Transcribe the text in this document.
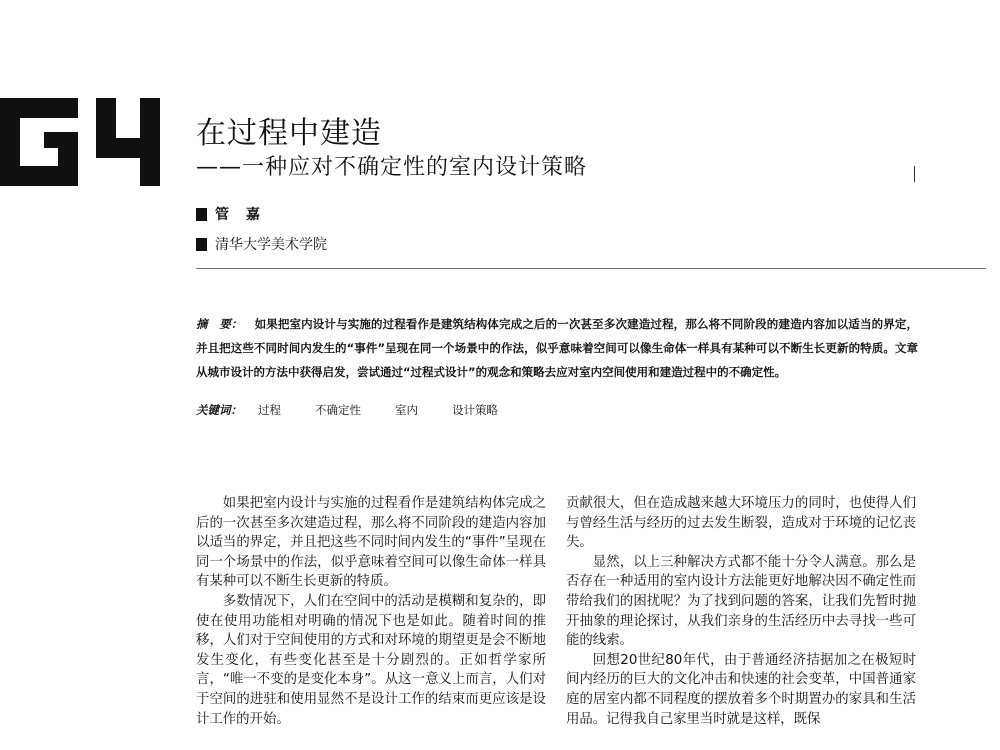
在过程中建造
——一种应对不确定性的室内设计策略
管 嘉
清华大学美术学院
摘　要： 如果把室内设计与实施的过程看作是建筑结构体完成之后的一次甚至多次建造过程，那么将不同阶段的建造内容加以适当的界定，并且把这些不同时间内发生的“事件”呈现在同一个场景中的作法，似乎意味着空间可以像生命体一样具有某种可以不断生长更新的特质。文章从城市设计的方法中获得启发，尝试通过“过程式设计”的观念和策略去应对室内空间使用和建造过程中的不确定性。
关键词： 过程	不确定性	室内	设计策略

如果把室内设计与实施的过程看作是建筑结构体完成之后的一次甚至多次建造过程，那么将不同阶段的建造内容加以适当的界定，并且把这些不同时间内发生的“事件”呈现在同一个场景中的作法，似乎意味着空间可以像生命体一样具有某种可以不断生长更新的特质。

多数情况下，人们在空间中的活动是模糊和复杂的，即使在使用功能相对明确的情况下也是如此。随着时间的推移，人们对于空间使用的方式和对环境的期望更是会不断地发生变化，有些变化甚至是十分剧烈的。正如哲学家所言，“唯一不变的是变化本身”。从这一意义上而言，人们对于空间的进驻和使用显然不是设计工作的结束而更应该是设计工作的开始。

贡献很大，但在造成越来越大环境压力的同时，也使得人们与曾经生活与经历的过去发生断裂，造成对于环境的记忆丧失。

显然，以上三种解决方式都不能十分令人满意。那么是否存在一种适用的室内设计方法能更好地解决因不确定性而带给我们的困扰呢？为了找到问题的答案，让我们先暂时抛开抽象的理论探讨，从我们亲身的生活经历中去寻找一些可能的线索。

回想20世纪80年代，由于普通经济拮据加之在极短时间内经历的巨大的文化冲击和快速的社会变革，中国普通家庭的居室内都不同程度的摆放着多个时期置办的家具和生活用品。记得我自己家里当时就是这样，既保
